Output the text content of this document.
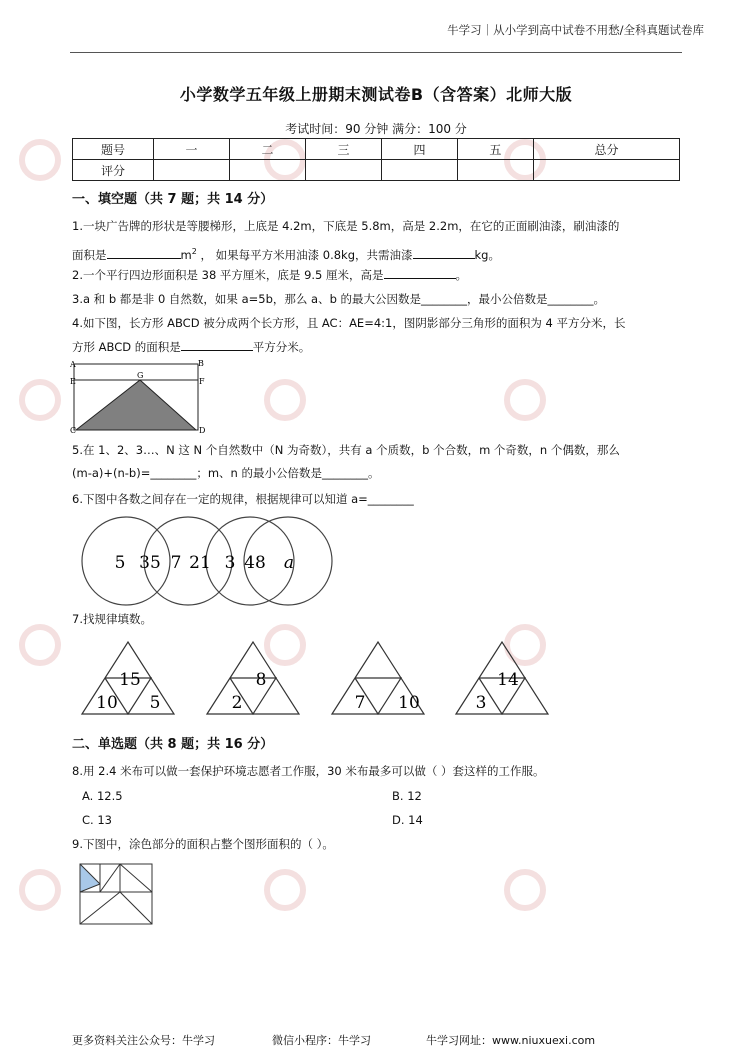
牛学习｜从小学到高中试卷不用愁/全科真题试卷库
小学数学五年级上册期末测试卷B（含答案）北师大版
考试时间：90 分钟 满分：100 分
题号	一	二	三	四	五	总分
评分						
一、填空题（共 7 题；共 14 分）
1.一块广告牌的形状是等腰梯形，上底是 4.2m，下底是 5.8m，高是 2.2m，在它的正面刷油漆，刷油漆的
面积是	$m^2$ ， 如果每平方米用油漆 0.8kg，共需油漆	kg。
2.一个平行四边形面积是 38 平方厘米，底是 9.5 厘米，高是	。
3.a 和 b 都是非 0 自然数，如果 a=5b，那么 a、b 的最大公因数是________，最小公倍数是________。
4.如下图，长方形 ABCD 被分成两个长方形，且 AC：AE=4:1，图阴影部分三角形的面积为 4 平方分米，长
方形 ABCD 的面积是	平方分米。
A	B
E
G
F
C	D
5.在 1、2、3…、N 这 N 个自然数中（N 为奇数），共有 a 个质数，b 个合数，m 个奇数，n 个偶数，那么
(m-a)+(n-b)=________；m、n 的最小公倍数是________。
6.下图中各数之间存在一定的规律，根据规律可以知道 a=________
5 35 7 21 3 48 a
7.找规律填数。
15
10 5
8
2	7 10
14
3
二、单选题（共 8 题；共 16 分）
8.用 2.4 米布可以做一套保护环境志愿者工作服，30 米布最多可以做（ ）套这样的工作服。
A. 12.5	B. 12
C. 13	D. 14
9.下图中，涂色部分的面积占整个图形面积的（ ）。
更多资料关注公众号：牛学习	微信小程序：牛学习	牛学习网址：www.niuxuexi.com
